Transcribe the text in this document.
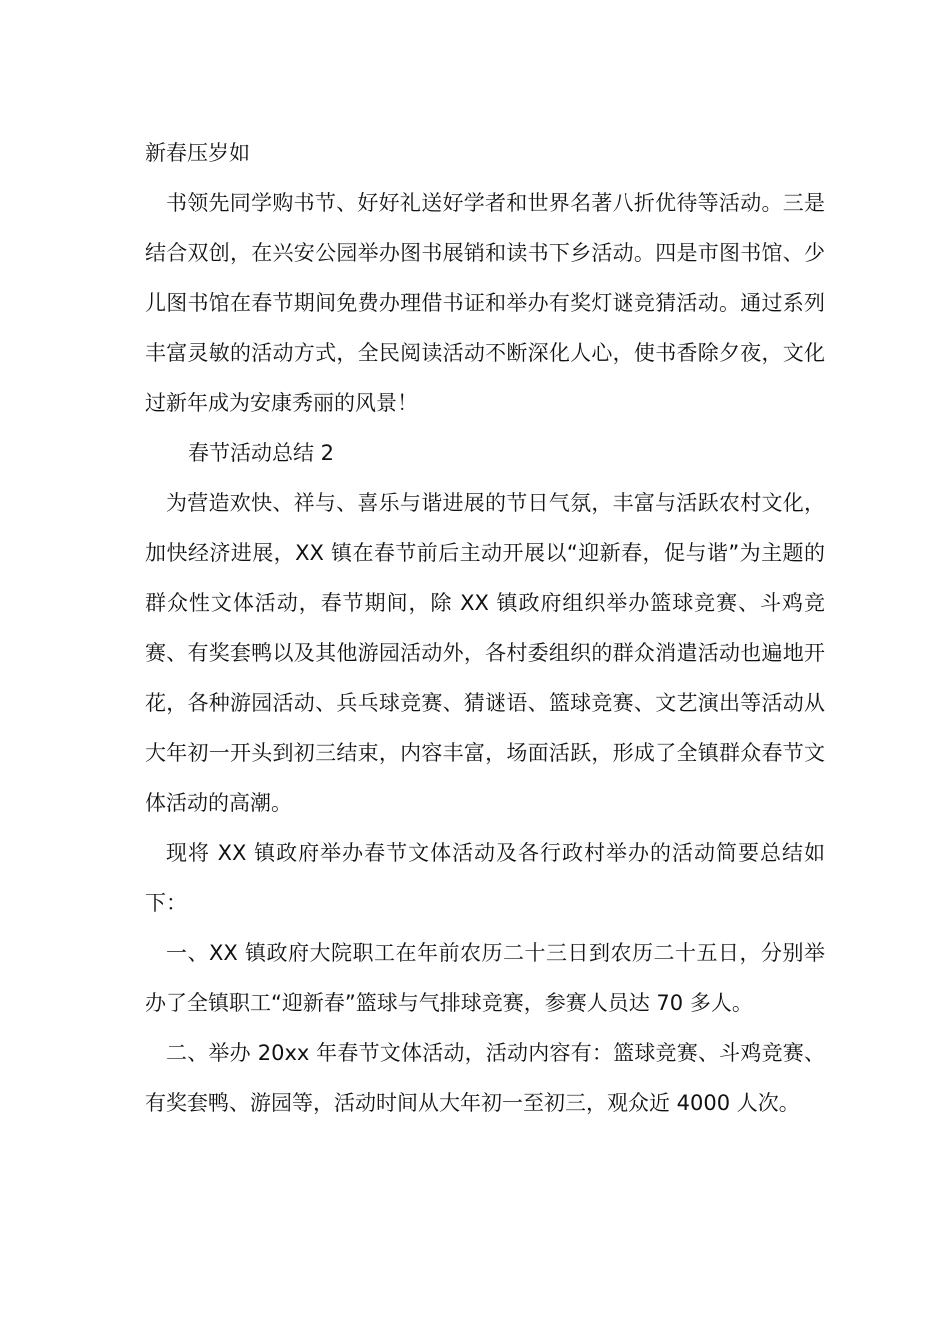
新春压岁如

书领先同学购书节、好好礼送好学者和世界名著八折优待等活动。三是结合双创，在兴安公园举办图书展销和读书下乡活动。四是市图书馆、少儿图书馆在春节期间免费办理借书证和举办有奖灯谜竞猜活动。通过系列丰富灵敏的活动方式，全民阅读活动不断深化人心，使书香除夕夜，文化过新年成为安康秀丽的风景！

春节活动总结 2

为营造欢快、祥与、喜乐与谐进展的节日气氛，丰富与活跃农村文化，加快经济进展，XX 镇在春节前后主动开展以“迎新春，促与谐”为主题的群众性文体活动，春节期间，除 XX 镇政府组织举办篮球竞赛、斗鸡竞赛、有奖套鸭以及其他游园活动外，各村委组织的群众消遣活动也遍地开花，各种游园活动、兵乓球竞赛、猜谜语、篮球竞赛、文艺演出等活动从大年初一开头到初三结束，内容丰富，场面活跃，形成了全镇群众春节文体活动的高潮。

现将 XX 镇政府举办春节文体活动及各行政村举办的活动简要总结如下：

一、XX 镇政府大院职工在年前农历二十三日到农历二十五日，分别举办了全镇职工“迎新春”篮球与气排球竞赛，参赛人员达 70 多人。

二、举办 20xx 年春节文体活动，活动内容有：篮球竞赛、斗鸡竞赛、有奖套鸭、游园等，活动时间从大年初一至初三，观众近 4000 人次。
